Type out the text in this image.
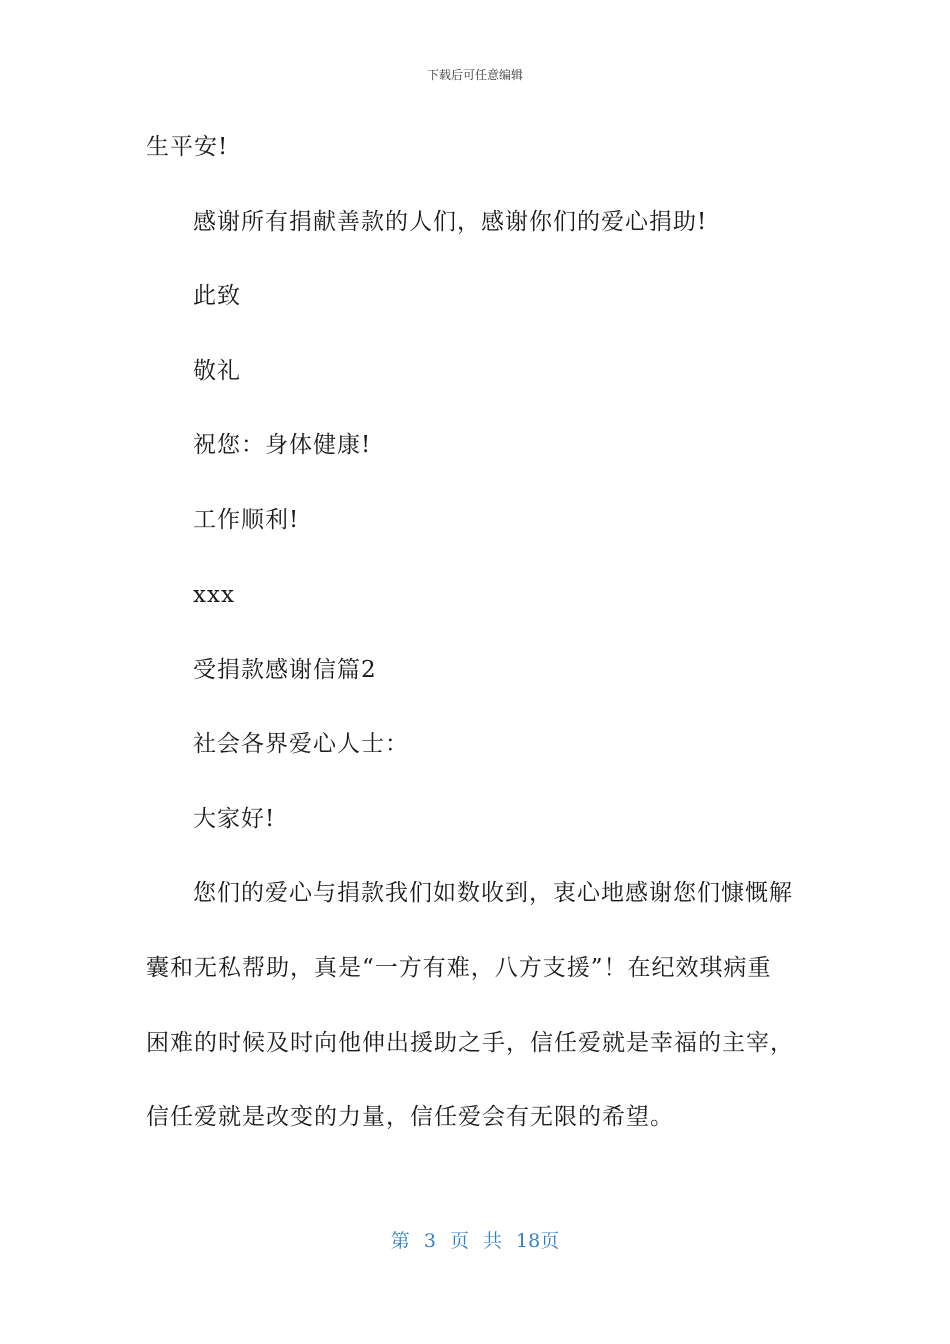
下载后可任意编辑
生平安!
感谢所有捐献善款的人们，感谢你们的爱心捐助!
此致
敬礼
祝您：身体健康!
工作顺利!
xxx
受捐款感谢信篇2
社会各界爱心人士：
大家好!
您们的爱心与捐款我们如数收到，衷心地感谢您们慷慨解
囊和无私帮助，真是“一方有难，八方支援”！在纪效琪病重
困难的时候及时向他伸出援助之手，信任爱就是幸福的主宰，
信任爱就是改变的力量，信任爱会有无限的希望。
第 3 页 共 18页
